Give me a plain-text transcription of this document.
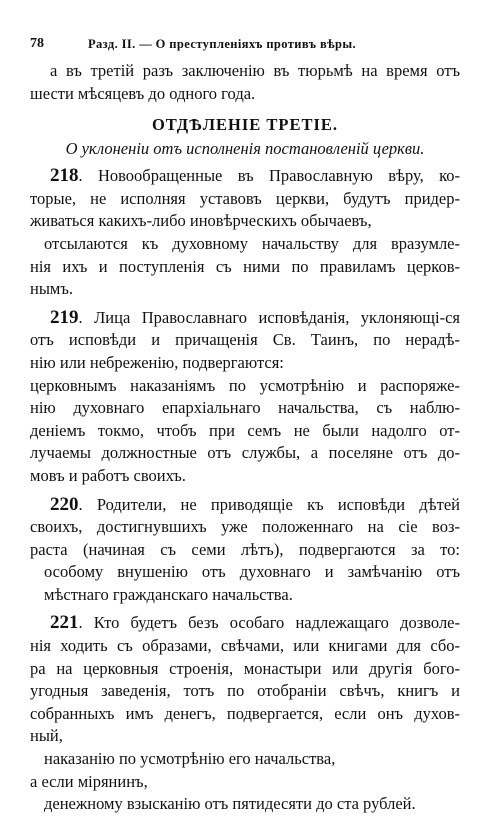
78	Разд. II. — О преступленіяхъ противъ вѣры.
а въ третій разъ заключенію въ тюрьмѣ на время отъ
шести мѣсяцевъ до одного года.
ОТДѢЛЕНІЕ ТРЕТІЕ.
О уклоненіи отъ исполненія постановленій церкви.
218. Новообращенные въ Православную вѣру, ко-
торые, не исполняя уставовъ церкви, будутъ придер-
живаться какихъ-либо иновѣрческихъ обычаевъ,
отсылаются къ духовному начальству для вразумле-
нія ихъ и поступленія съ ними по правиламъ церков-
нымъ.
219. Лица Православнаго исповѣданія, уклоняющі-ся
отъ исповѣди и причащенія Св. Таинъ, по нерадѣ-
нію или небреженію, подвергаются:
церковнымъ наказаніямъ по усмотрѣнію и распоряже-
нію духовнаго епархіальнаго начальства, съ наблю-
деніемъ токмо, чтобъ при семъ не были надолго от-
лучаемы должностные отъ службы, а поселяне отъ до-
мовъ и работъ своихъ.
220. Родители, не приводящіе къ исповѣди дѣтей
своихъ, достигнувшихъ уже положеннаго на сіе воз-
раста (начиная съ семи лѣтъ), подвергаются за то:
особому внушенію отъ духовнаго и замѣчанію отъ
мѣстнаго гражданскаго начальства.
221. Кто будетъ безъ особаго надлежащаго дозволе-
нія ходить съ образами, свѣчами, или книгами для сбо-
ра на церковныя строенія, монастыри или другія бого-
угодныя заведенія, тотъ по отобраніи свѣчъ, книгъ и
собранныхъ имъ денегъ, подвергается, если онъ духов-
ный,
наказанію по усмотрѣнію его начальства,
а если мірянинъ,
денежному взысканію отъ пятидесяти до ста рублей.
